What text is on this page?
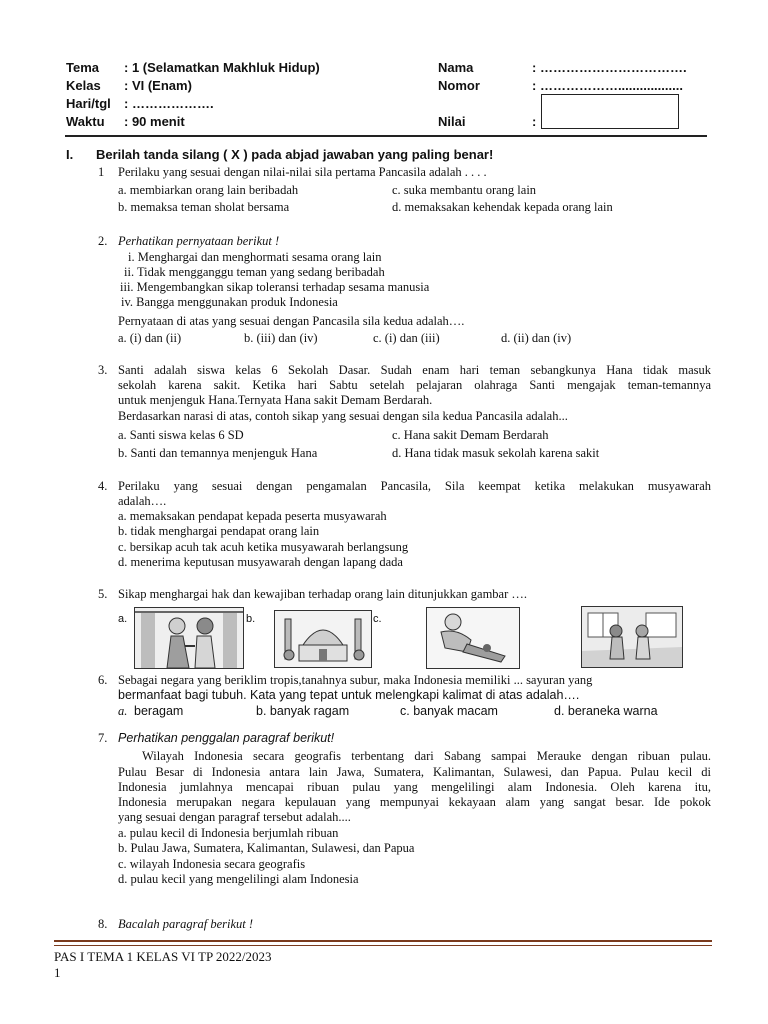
Tema : 1 (Selamatkan Makhluk Hidup)
Kelas : VI (Enam)
Hari/tgl : ……………….
Waktu : 90 menit
Nama	: …………………………….
Nomor	: ………………..................
Nilai	:
I. Berilah tanda silang ( X ) pada abjad jawaban yang paling benar!
1 Perilaku yang sesuai dengan nilai-nilai sila pertama Pancasila adalah . . . .
a. membiarkan orang lain beribadah	c. suka membantu orang lain
b. memaksa teman sholat bersama	d. memaksakan kehendak kepada orang lain
2. Perhatikan pernyataan berikut !
i. Menghargai dan menghormati sesama orang lain
ii. Tidak mengganggu teman yang sedang beribadah
iii. Mengembangkan sikap toleransi terhadap sesama manusia
iv. Bangga menggunakan produk Indonesia
Pernyataan di atas yang sesuai dengan Pancasila sila kedua adalah….
a. (i) dan (ii)	b. (iii) dan (iv)	c. (i) dan (iii)	d. (ii) dan (iv)
3. Santi adalah siswa kelas 6 Sekolah Dasar. Sudah enam hari teman sebangkunya Hana tidak masuk
sekolah karena sakit. Ketika hari Sabtu setelah pelajaran olahraga Santi mengajak teman-temannya
untuk menjenguk Hana.Ternyata Hana sakit Demam Berdarah.
Berdasarkan narasi di atas, contoh sikap yang sesuai dengan sila kedua Pancasila adalah...
a. Santi siswa kelas 6 SD	c. Hana sakit Demam Berdarah
b. Santi dan temannya menjenguk Hana	d. Hana tidak masuk sekolah karena sakit
4. Perilaku yang sesuai dengan pengamalan Pancasila, Sila keempat ketika melakukan musyawarah
adalah….
a. memaksakan pendapat kepada peserta musyawarah
b. tidak menghargai pendapat orang lain
c. bersikap acuh tak acuh ketika musyawarah berlangsung
d. menerima keputusan musyawarah dengan lapang dada
5. Sikap menghargai hak dan kewajiban terhadap orang lain ditunjukkan gambar ….
a.	b.	c.
6. Sebagai negara yang beriklim tropis,tanahnya subur, maka Indonesia memiliki ... sayuran yang
bermanfaat bagi tubuh. Kata yang tepat untuk melengkapi kalimat di atas adalah….
a. beragam	b. banyak ragam	c. banyak macam	d. beraneka warna
7. Perhatikan penggalan paragraf berikut!
Wilayah Indonesia secara geografis terbentang dari Sabang sampai Merauke dengan ribuan pulau.
Pulau Besar di Indonesia antara lain Jawa, Sumatera, Kalimantan, Sulawesi, dan Papua. Pulau kecil di
Indonesia jumlahnya mencapai ribuan pulau yang mengelilingi alam Indonesia. Oleh karena itu,
Indonesia merupakan negara kepulauan yang mempunyai kekayaan alam yang sangat besar. Ide pokok
yang sesuai dengan paragraf tersebut adalah....
a. pulau kecil di Indonesia berjumlah ribuan
b. Pulau Jawa, Sumatera, Kalimantan, Sulawesi, dan Papua
c. wilayah Indonesia secara geografis
d. pulau kecil yang mengelilingi alam Indonesia
8. Bacalah paragraf berikut !
PAS I TEMA 1 KELAS VI TP 2022/2023
1
